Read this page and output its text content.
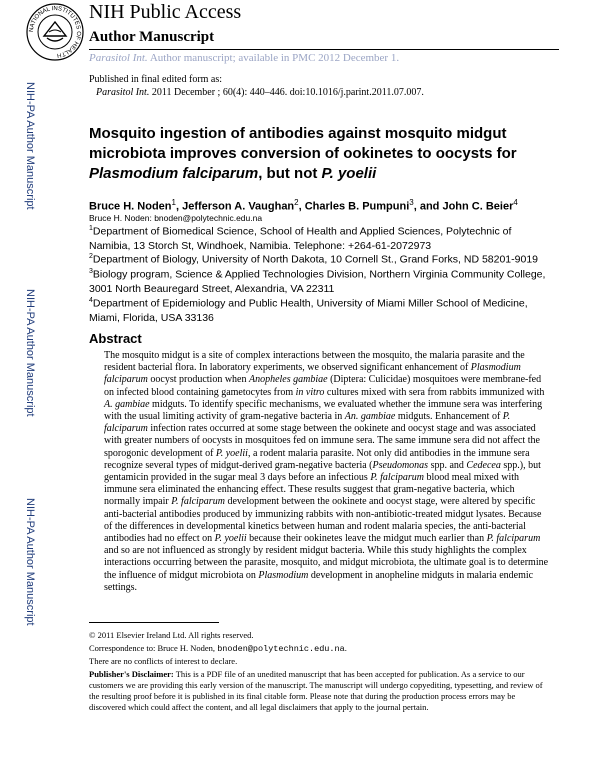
NATIONAL INSTITUTES OF HEALTH
NIH Public Access
Author Manuscript
Parasitol Int. Author manuscript; available in PMC 2012 December 1.
Published in final edited form as:
Parasitol Int. 2011 December ; 60(4): 440–446. doi:10.1016/j.parint.2011.07.007.
NIH-PA Author Manuscript
NIH-PA Author Manuscript
NIH-PA Author Manuscript
Mosquito ingestion of antibodies against mosquito midgut microbiota improves conversion of ookinetes to oocysts for Plasmodium falciparum, but not P. yoelii
Bruce H. Noden$^1$, Jefferson A. Vaughan$^2$, Charles B. Pumpuni$^3$, and John C. Beier$^4$
Bruce H. Noden: bnoden@polytechnic.edu.na
$^1$Department of Biomedical Science, School of Health and Applied Sciences, Polytechnic of Namibia, 13 Storch St, Windhoek, Namibia. Telephone: +264-61-2072973
$^2$Department of Biology, University of North Dakota, 10 Cornell St., Grand Forks, ND 58201-9019
$^3$Biology program, Science & Applied Technologies Division, Northern Virginia Community College, 3001 North Beauregard Street, Alexandria, VA 22311
$^4$Department of Epidemiology and Public Health, University of Miami Miller School of Medicine, Miami, Florida, USA 33136
Abstract
The mosquito midgut is a site of complex interactions between the mosquito, the malaria parasite and the resident bacterial flora. In laboratory experiments, we observed significant enhancement of Plasmodium falciparum oocyst production when Anopheles gambiae (Diptera: Culicidae) mosquitoes were membrane-fed on infected blood containing gametocytes from in vitro cultures mixed with sera from rabbits immunized with A. gambiae midguts. To identify specific mechanisms, we evaluated whether the immune sera was interfering with the usual limiting activity of gram-negative bacteria in An. gambiae midguts. Enhancement of P. falciparum infection rates occurred at some stage between the ookinete and oocyst stage and was associated with greater numbers of oocysts in mosquitoes fed on immune sera. The same immune sera did not affect the sporogonic development of P. yoelii, a rodent malaria parasite. Not only did antibodies in the immune sera recognize several types of midgut-derived gram-negative bacteria (Pseudomonas spp. and Cedecea spp.), but gentamicin provided in the sugar meal 3 days before an infectious P. falciparum blood meal mixed with immune sera eliminated the enhancing effect. These results suggest that gram-negative bacteria, which normally impair P. falciparum development between the ookinete and oocyst stage, were altered by specific anti-bacterial antibodies produced by immunizing rabbits with non-antibiotic-treated midgut lysates. Because of the differences in developmental kinetics between human and rodent malaria species, the anti-bacterial antibodies had no effect on P. yoelii because their ookinetes leave the midgut much earlier than P. falciparum and so are not influenced as strongly by resident midgut bacteria. While this study highlights the complex interactions occurring between the parasite, mosquito, and midgut microbiota, the ultimate goal is to determine the influence of midgut microbiota on Plasmodium development in anopheline midguts in malaria endemic settings.
© 2011 Elsevier Ireland Ltd. All rights reserved.
Correspondence to: Bruce H. Noden, bnoden@polytechnic.edu.na.
There are no conflicts of interest to declare.
Publisher's Disclaimer: This is a PDF file of an unedited manuscript that has been accepted for publication. As a service to our customers we are providing this early version of the manuscript. The manuscript will undergo copyediting, typesetting, and review of the resulting proof before it is published in its final citable form. Please note that during the production process errors may be discovered which could affect the content, and all legal disclaimers that apply to the journal pertain.
